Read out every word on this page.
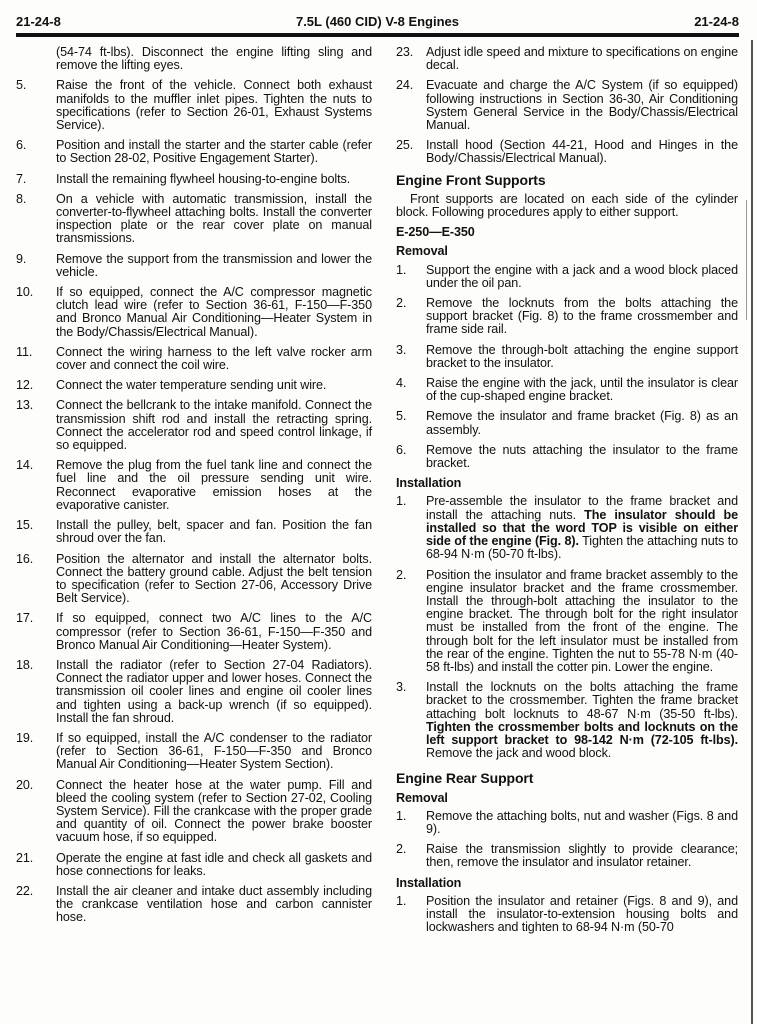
21-24-8	7.5L (460 CID) V-8 Engines	21-24-8
(54-74 ft-lbs). Disconnect the engine lifting sling and remove the lifting eyes.
5.	Raise the front of the vehicle. Connect both exhaust manifolds to the muffler inlet pipes. Tighten the nuts to specifications (refer to Section 26-01, Exhaust Systems Service).
6.	Position and install the starter and the starter cable (refer to Section 28-02, Positive Engagement Starter).
7.	Install the remaining flywheel housing-to-engine bolts.
8.	On a vehicle with automatic transmission, install the converter-to-flywheel attaching bolts. Install the converter inspection plate or the rear cover plate on manual transmissions.
9.	Remove the support from the transmission and lower the vehicle.
10.	If so equipped, connect the A/C compressor magnetic clutch lead wire (refer to Section 36-61, F-150—F-350 and Bronco Manual Air Conditioning—Heater System in the Body/Chassis/Electrical Manual).
11.	Connect the wiring harness to the left valve rocker arm cover and connect the coil wire.
12.	Connect the water temperature sending unit wire.
13.	Connect the bellcrank to the intake manifold. Connect the transmission shift rod and install the retracting spring. Connect the accelerator rod and speed control linkage, if so equipped.
14.	Remove the plug from the fuel tank line and connect the fuel line and the oil pressure sending unit wire. Reconnect evaporative emission hoses at the evaporative canister.
15.	Install the pulley, belt, spacer and fan. Position the fan shroud over the fan.
16.	Position the alternator and install the alternator bolts. Connect the battery ground cable. Adjust the belt tension to specification (refer to Section 27-06, Accessory Drive Belt Service).
17.	If so equipped, connect two A/C lines to the A/C compressor (refer to Section 36-61, F-150—F-350 and Bronco Manual Air Conditioning—Heater System).
18.	Install the radiator (refer to Section 27-04 Radiators). Connect the radiator upper and lower hoses. Connect the transmission oil cooler lines and engine oil cooler lines and tighten using a back-up wrench (if so equipped). Install the fan shroud.
19.	If so equipped, install the A/C condenser to the radiator (refer to Section 36-61, F-150—F-350 and Bronco Manual Air Conditioning—Heater System Section).
20.	Connect the heater hose at the water pump. Fill and bleed the cooling system (refer to Section 27-02, Cooling System Service). Fill the crankcase with the proper grade and quantity of oil. Connect the power brake booster vacuum hose, if so equipped.
21.	Operate the engine at fast idle and check all gaskets and hose connections for leaks.
22.	Install the air cleaner and intake duct assembly including the crankcase ventilation hose and carbon cannister hose.
23.	Adjust idle speed and mixture to specifications on engine decal.
24.	Evacuate and charge the A/C System (if so equipped) following instructions in Section 36-30, Air Conditioning System General Service in the Body/Chassis/Electrical Manual.
25.	Install hood (Section 44-21, Hood and Hinges in the Body/Chassis/Electrical Manual).
Engine Front Supports
Front supports are located on each side of the cylinder block. Following procedures apply to either support.
E-250—E-350
Removal
1.	Support the engine with a jack and a wood block placed under the oil pan.
2.	Remove the locknuts from the bolts attaching the support bracket (Fig. 8) to the frame crossmember and frame side rail.
3.	Remove the through-bolt attaching the engine support bracket to the insulator.
4.	Raise the engine with the jack, until the insulator is clear of the cup-shaped engine bracket.
5.	Remove the insulator and frame bracket (Fig. 8) as an assembly.
6.	Remove the nuts attaching the insulator to the frame bracket.
Installation
1.	Pre-assemble the insulator to the frame bracket and install the attaching nuts. The insulator should be installed so that the word TOP is visible on either side of the engine (Fig. 8). Tighten the attaching nuts to 68-94 N·m (50-70 ft-lbs).
2.	Position the insulator and frame bracket assembly to the engine insulator bracket and the frame crossmember. Install the through-bolt attaching the insulator to the engine bracket. The through bolt for the right insulator must be installed from the front of the engine. The through bolt for the left insulator must be installed from the rear of the engine. Tighten the nut to 55-78 N·m (40-58 ft-lbs) and install the cotter pin. Lower the engine.
3.	Install the locknuts on the bolts attaching the frame bracket to the crossmember. Tighten the frame bracket attaching bolt locknuts to 48-67 N·m (35-50 ft-lbs). Tighten the crossmember bolts and locknuts on the left support bracket to 98-142 N·m (72-105 ft-lbs). Remove the jack and wood block.
Engine Rear Support
Removal
1.	Remove the attaching bolts, nut and washer (Figs. 8 and 9).
2.	Raise the transmission slightly to provide clearance; then, remove the insulator and insulator retainer.
Installation
1.	Position the insulator and retainer (Figs. 8 and 9), and install the insulator-to-extension housing bolts and lockwashers and tighten to 68-94 N·m (50-70
